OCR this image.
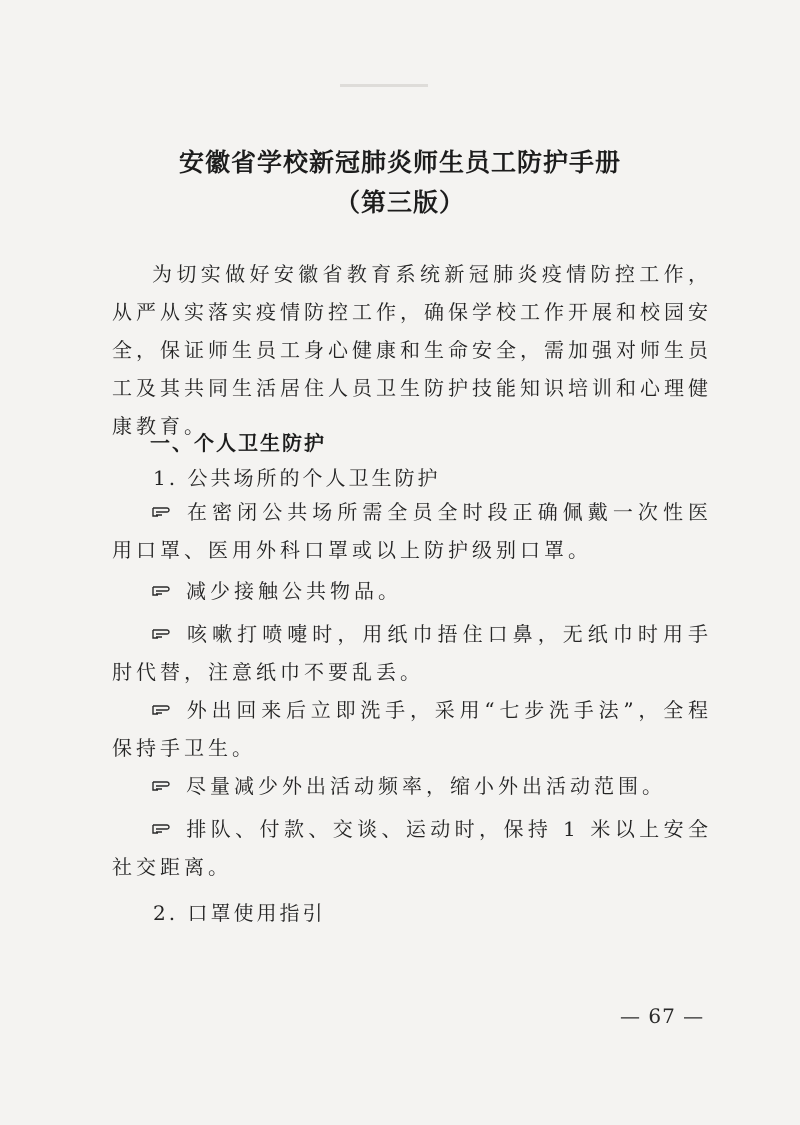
安徽省学校新冠肺炎师生员工防护手册
（第三版）
为切实做好安徽省教育系统新冠肺炎疫情防控工作，从严从实落实疫情防控工作，确保学校工作开展和校园安全，保证师生员工身心健康和生命安全，需加强对师生员工及其共同生活居住人员卫生防护技能知识培训和心理健康教育。
一、个人卫生防护
1. 公共场所的个人卫生防护
在密闭公共场所需全员全时段正确佩戴一次性医用口罩、医用外科口罩或以上防护级别口罩。
减少接触公共物品。
咳嗽打喷嚏时，用纸巾捂住口鼻，无纸巾时用手肘代替，注意纸巾不要乱丢。
外出回来后立即洗手，采用“七步洗手法”，全程保持手卫生。
尽量减少外出活动频率，缩小外出活动范围。
排队、付款、交谈、运动时，保持 1 米以上安全社交距离。
2. 口罩使用指引
— 67 —
